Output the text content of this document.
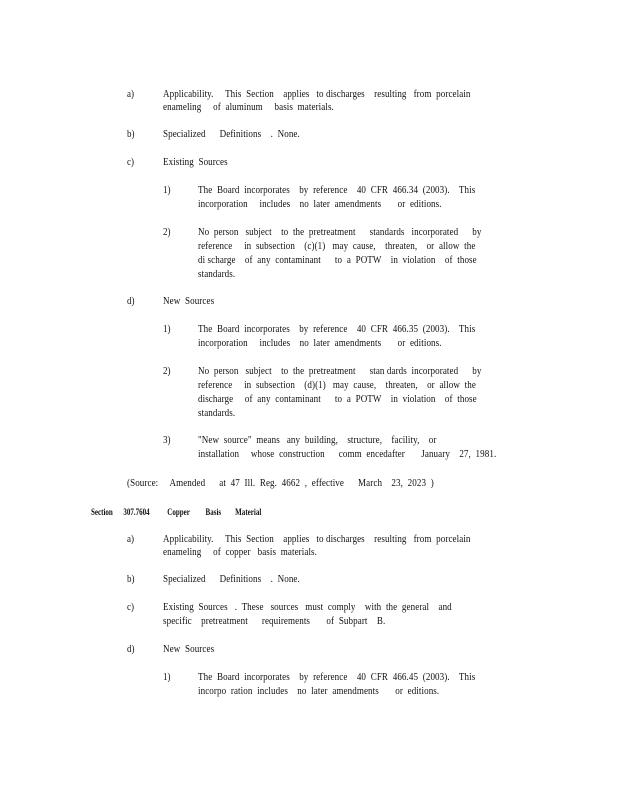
a)	Applicability.     This  Section    applies   to discharges    resulting   from  porcelain
enameling     of  aluminum     basis  materials.
b)	Specialized      Definitions    .  None.
c)	Existing  Sources
1)	The  Board  incorporates    by  reference    40  CFR  466.34  (2003).    This
incorporation     includes    no  later  amendments       or  editions.
2)	No  person   subject    to  the  pretreatment      standards   incorporated      by
reference     in  subsection    (c)(1)   may  cause,    threaten,    or  allow  the
di scharge    of  any  contaminant      to  a  POTW    in  violation    of  those
standards.
d)	New  Sources
1)	The  Board  incorporates    by  reference    40  CFR  466.35  (2003).    This
incorporation     includes    no  later  amendments       or  editions.
2)	No  person   subject    to  the  pretreatment      stan dards  incorporated      by
reference     in  subsection    (d)(1)   may  cause,    threaten,    or  allow  the
discharge     of  any  contaminant      to  a  POTW    in  violation    of  those
standards.
3)	"New  source"  means   any  building,    structure,    facility,    or
installation     whose  construction      comm  encedafter       January    27,  1981.
(Source:     Amended      at  47  Ill.  Reg.  4662  ,  effective      March    23,  2023  )
Section      307.7604          Copper         Basis        Material
a)	Applicability.     This  Section    applies   to discharges    resulting   from  porcelain
enameling     of  copper   basis  materials.
b)	Specialized      Definitions    .  None.
c)	Existing  Sources   .  These   sources   must  comply    with  the  general    and
specific    pretreatment      requirements       of  Subpart    B.
d)	New  Sources
1)	The  Board  incorporates    by  reference    40  CFR  466.45  (2003).    This
incorpo  ration  includes    no  later  amendments       or  editions.
